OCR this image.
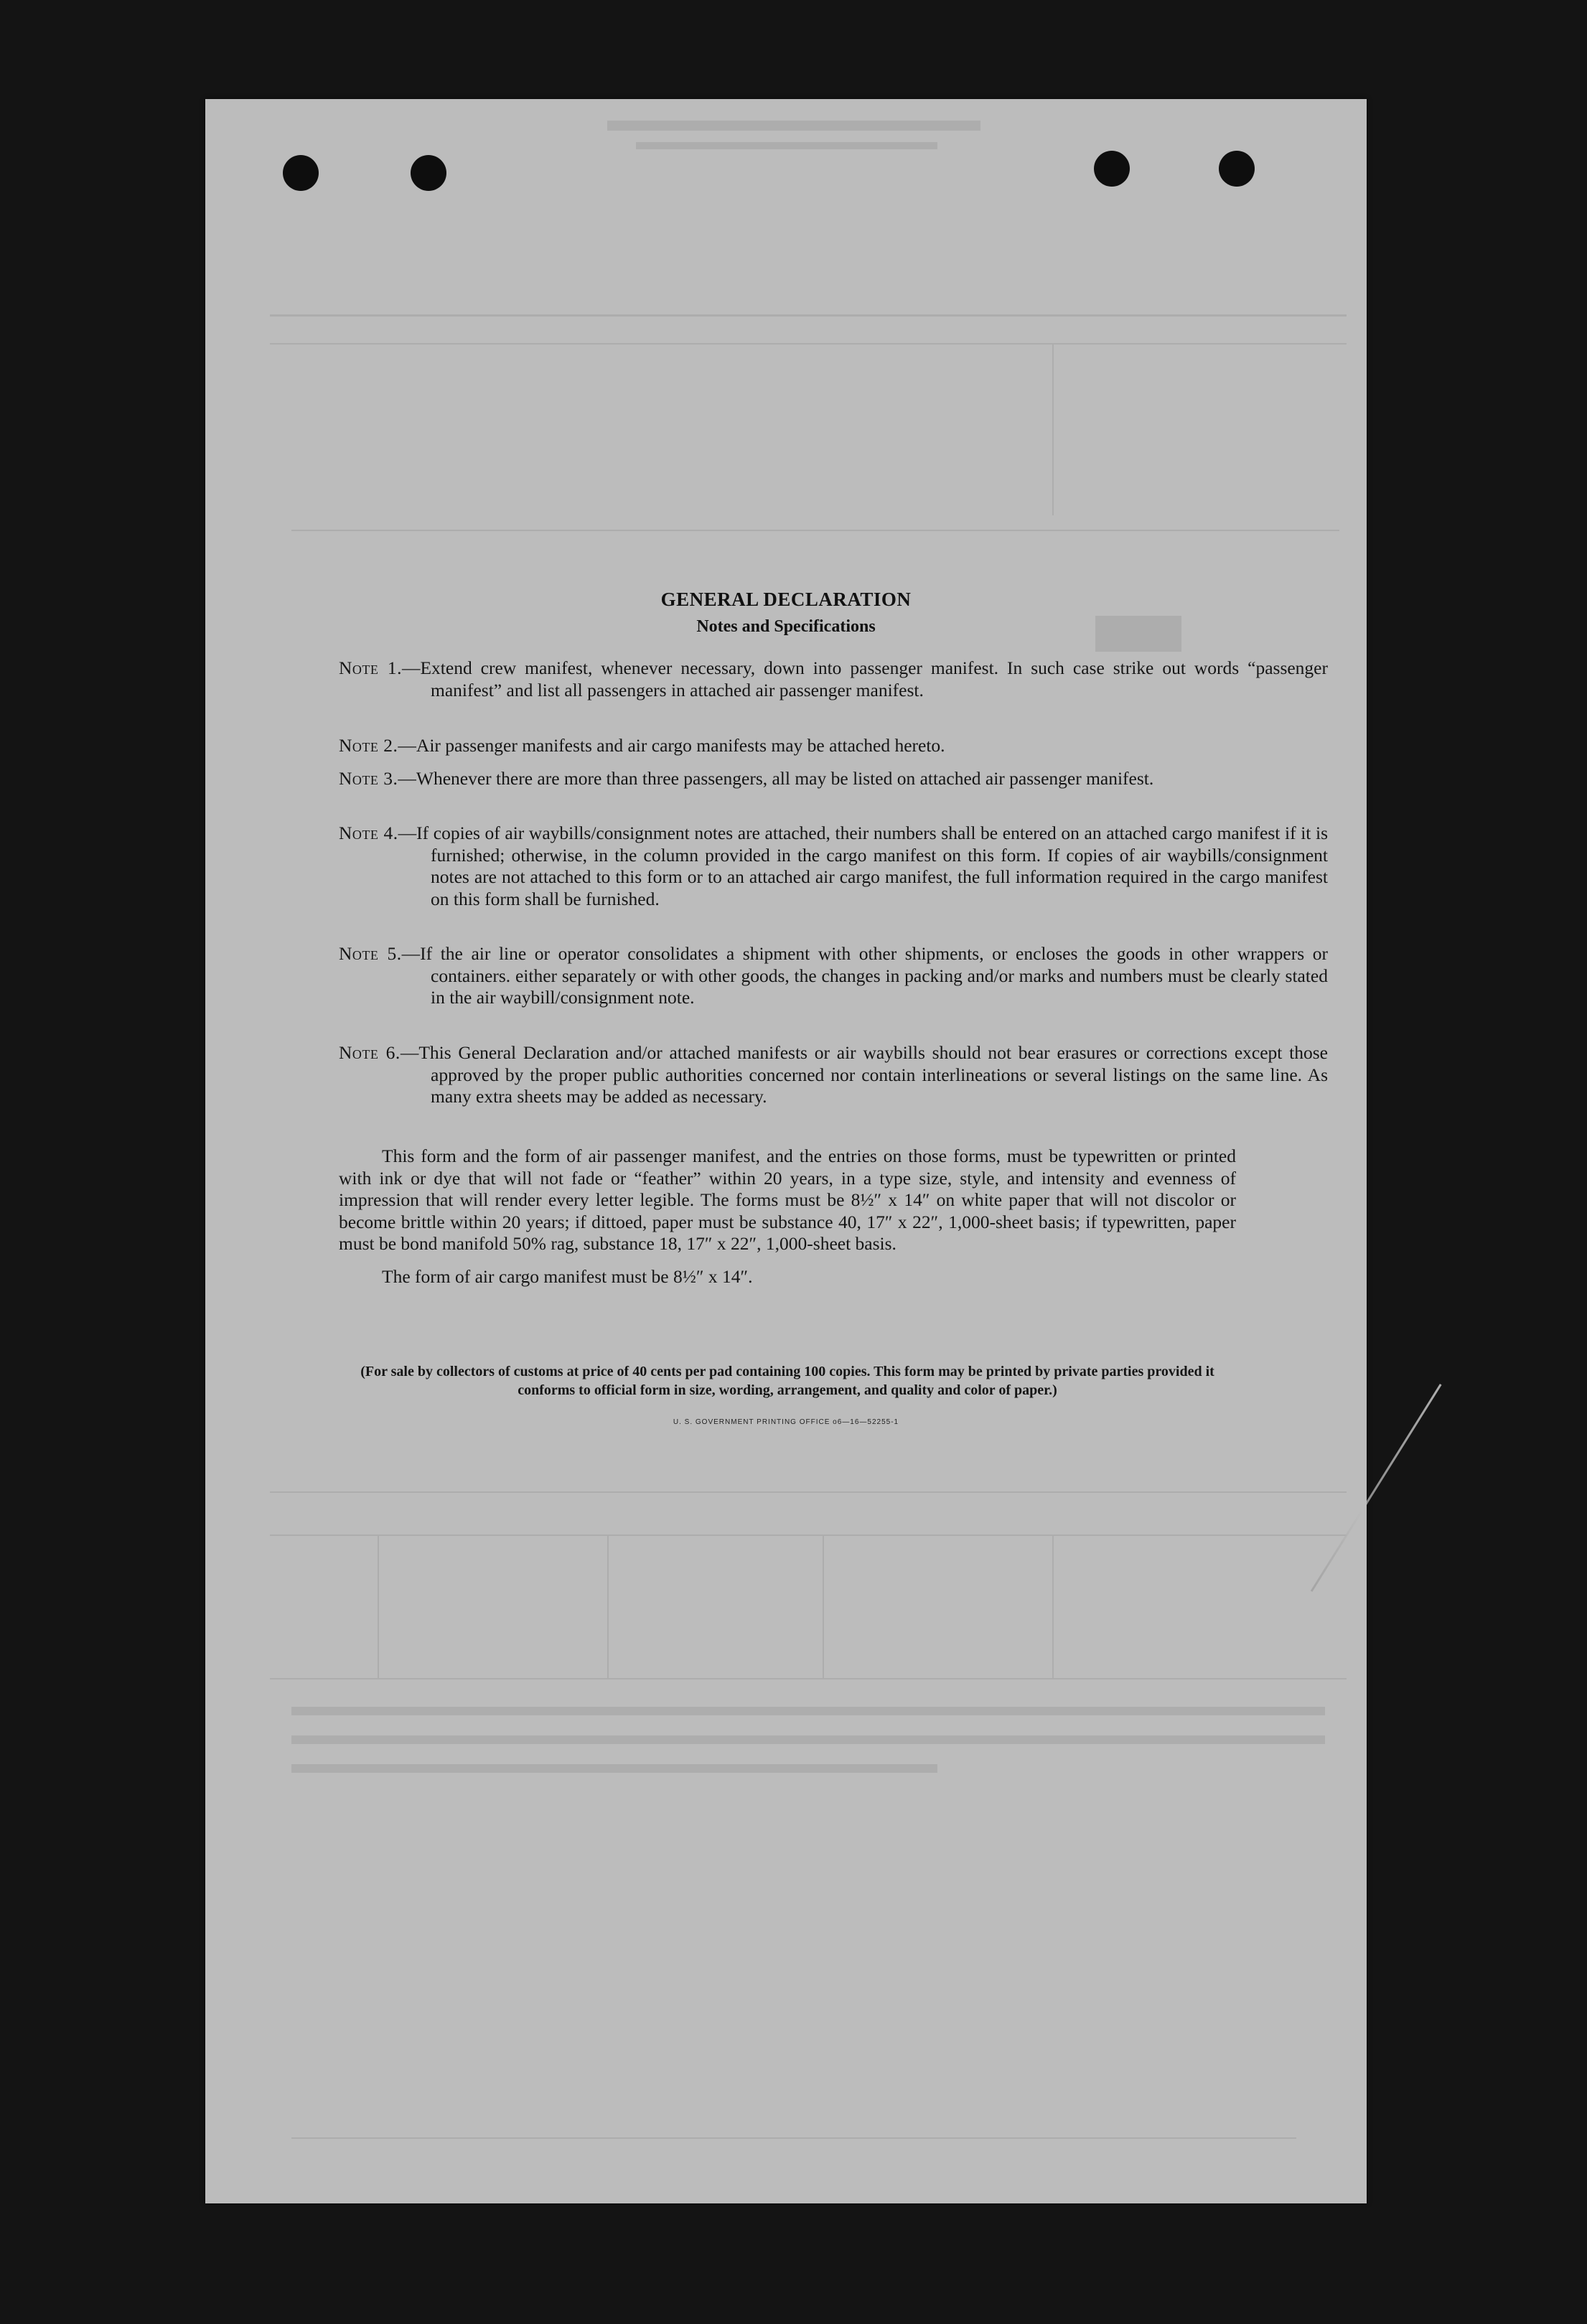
GENERAL DECLARATION
Notes and Specifications
Note 1.—Extend crew manifest, whenever necessary, down into passenger manifest. In such case strike out words “passenger manifest” and list all passengers in attached air passenger manifest.
Note 2.—Air passenger manifests and air cargo manifests may be attached hereto.
Note 3.—Whenever there are more than three passengers, all may be listed on attached air passenger manifest.
Note 4.—If copies of air waybills/consignment notes are attached, their numbers shall be entered on an attached cargo manifest if it is furnished; otherwise, in the column provided in the cargo manifest on this form. If copies of air waybills/consignment notes are not attached to this form or to an attached air cargo manifest, the full information required in the cargo manifest on this form shall be furnished.
Note 5.—If the air line or operator consolidates a shipment with other shipments, or encloses the goods in other wrappers or containers. either separately or with other goods, the changes in packing and/or marks and numbers must be clearly stated in the air waybill/consignment note.
Note 6.—This General Declaration and/or attached manifests or air waybills should not bear erasures or corrections except those approved by the proper public authorities concerned nor contain interlineations or several listings on the same line. As many extra sheets may be added as necessary.
This form and the form of air passenger manifest, and the entries on those forms, must be typewritten or printed with ink or dye that will not fade or “feather” within 20 years, in a type size, style, and intensity and evenness of impression that will render every letter legible. The forms must be 8½″ x 14″ on white paper that will not discolor or become brittle within 20 years; if dittoed, paper must be substance 40, 17″ x 22″, 1,000-sheet basis; if typewritten, paper must be bond manifold 50% rag, substance 18, 17″ x 22″, 1,000-sheet basis.
The form of air cargo manifest must be 8½″ x 14″.
(For sale by collectors of customs at price of 40 cents per pad containing 100 copies. This form may be printed by private parties provided it conforms to official form in size, wording, arrangement, and quality and color of paper.)
U. S. GOVERNMENT PRINTING OFFICE o6—16—52255-1
